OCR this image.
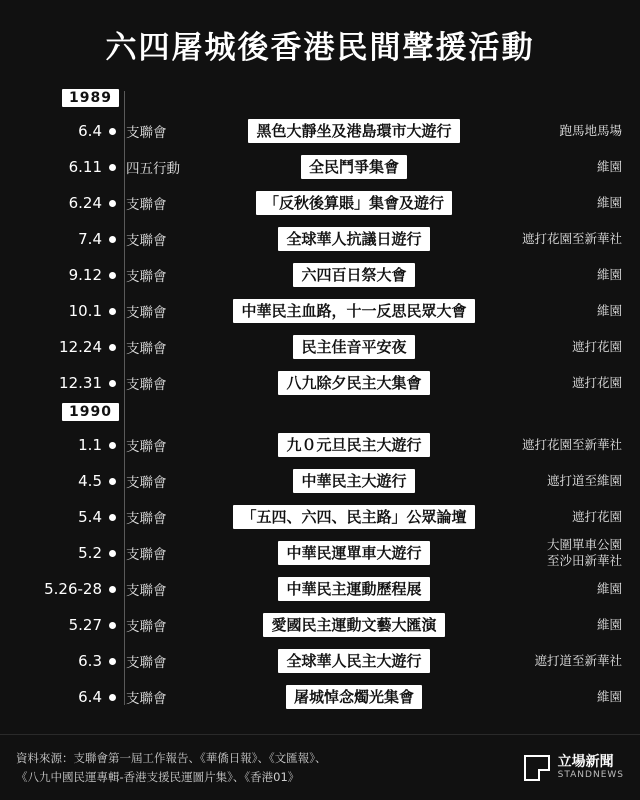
六四屠城後香港民間聲援活動
1989
6.4	支聯會	黑色大靜坐及港島環市大遊行	跑馬地馬場
6.11	四五行動	全民鬥爭集會	維園
6.24	支聯會	「反秋後算賬」集會及遊行	維園
7.4	支聯會	全球華人抗議日遊行	遮打花園至新華社
9.12	支聯會	六四百日祭大會	維園
10.1	支聯會	中華民主血路，十一反思民眾大會	維園
12.24	支聯會	民主佳音平安夜	遮打花園
12.31	支聯會	八九除夕民主大集會	遮打花園
1990
1.1	支聯會	九０元旦民主大遊行	遮打花園至新華社
4.5	支聯會	中華民主大遊行	遮打道至維園
5.4	支聯會	「五四、六四、民主路」公眾論壇	遮打花園
5.2	支聯會	中華民運單車大遊行	大圍單車公園
至沙田新華社
5.26-28	支聯會	中華民主運動歷程展	維園
5.27	支聯會	愛國民主運動文藝大匯演	維園
6.3	支聯會	全球華人民主大遊行	遮打道至新華社
6.4	支聯會	屠城悼念燭光集會	維園
資料來源：支聯會第一屆工作報告、《華僑日報》、《文匯報》、
《八九中國民運專輯-香港支援民運圖片集》、《香港01》
立場新聞
STANDNEWS
